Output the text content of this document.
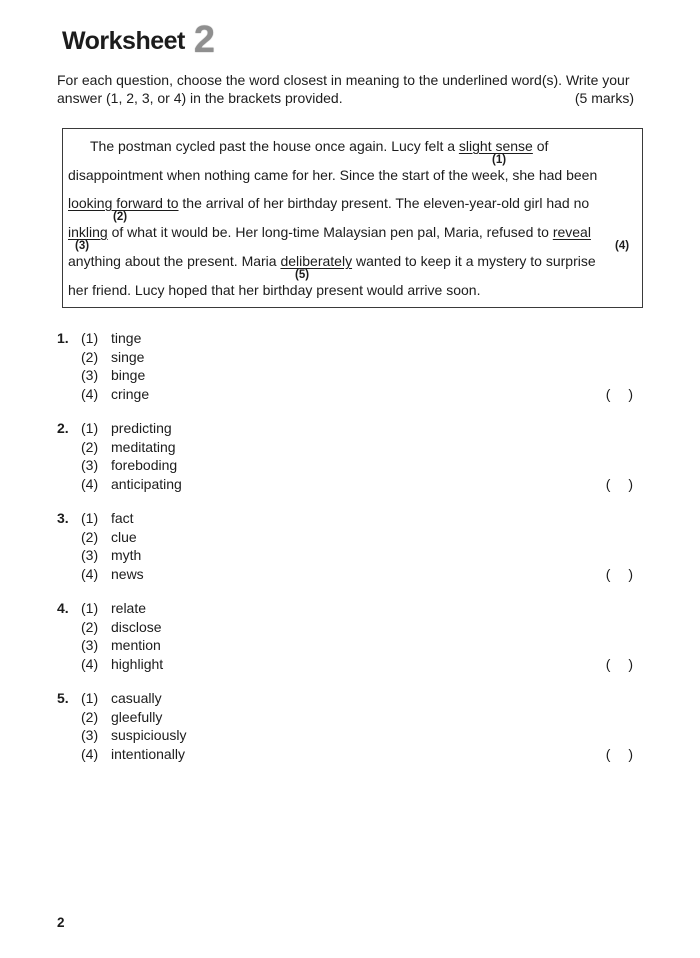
Worksheet 2
For each question, choose the word closest in meaning to the underlined word(s). Write your
answer (1, 2, 3, or 4) in the brackets provided.	(5 marks)
The postman cycled past the house once again. Lucy felt a slight sense of
(1)
disappointment when nothing came for her. Since the start of the week, she had been
looking forward to the arrival of her birthday present. The eleven-year-old girl had no
(2)
inkling of what it would be. Her long-time Malaysian pen pal, Maria, refused to reveal
(3)	(4)
anything about the present. Maria deliberately wanted to keep it a mystery to surprise
(5)
her friend. Lucy hoped that her birthday present would arrive soon.
1. (1) tinge
(2) singe
(3) binge
(4) cringe	( )
2. (1) predicting
(2) meditating
(3) foreboding
(4) anticipating	( )
3. (1) fact
(2) clue
(3) myth
(4) news	( )
4. (1) relate
(2) disclose
(3) mention
(4) highlight	( )
5. (1) casually
(2) gleefully
(3) suspiciously
(4) intentionally	( )
2
